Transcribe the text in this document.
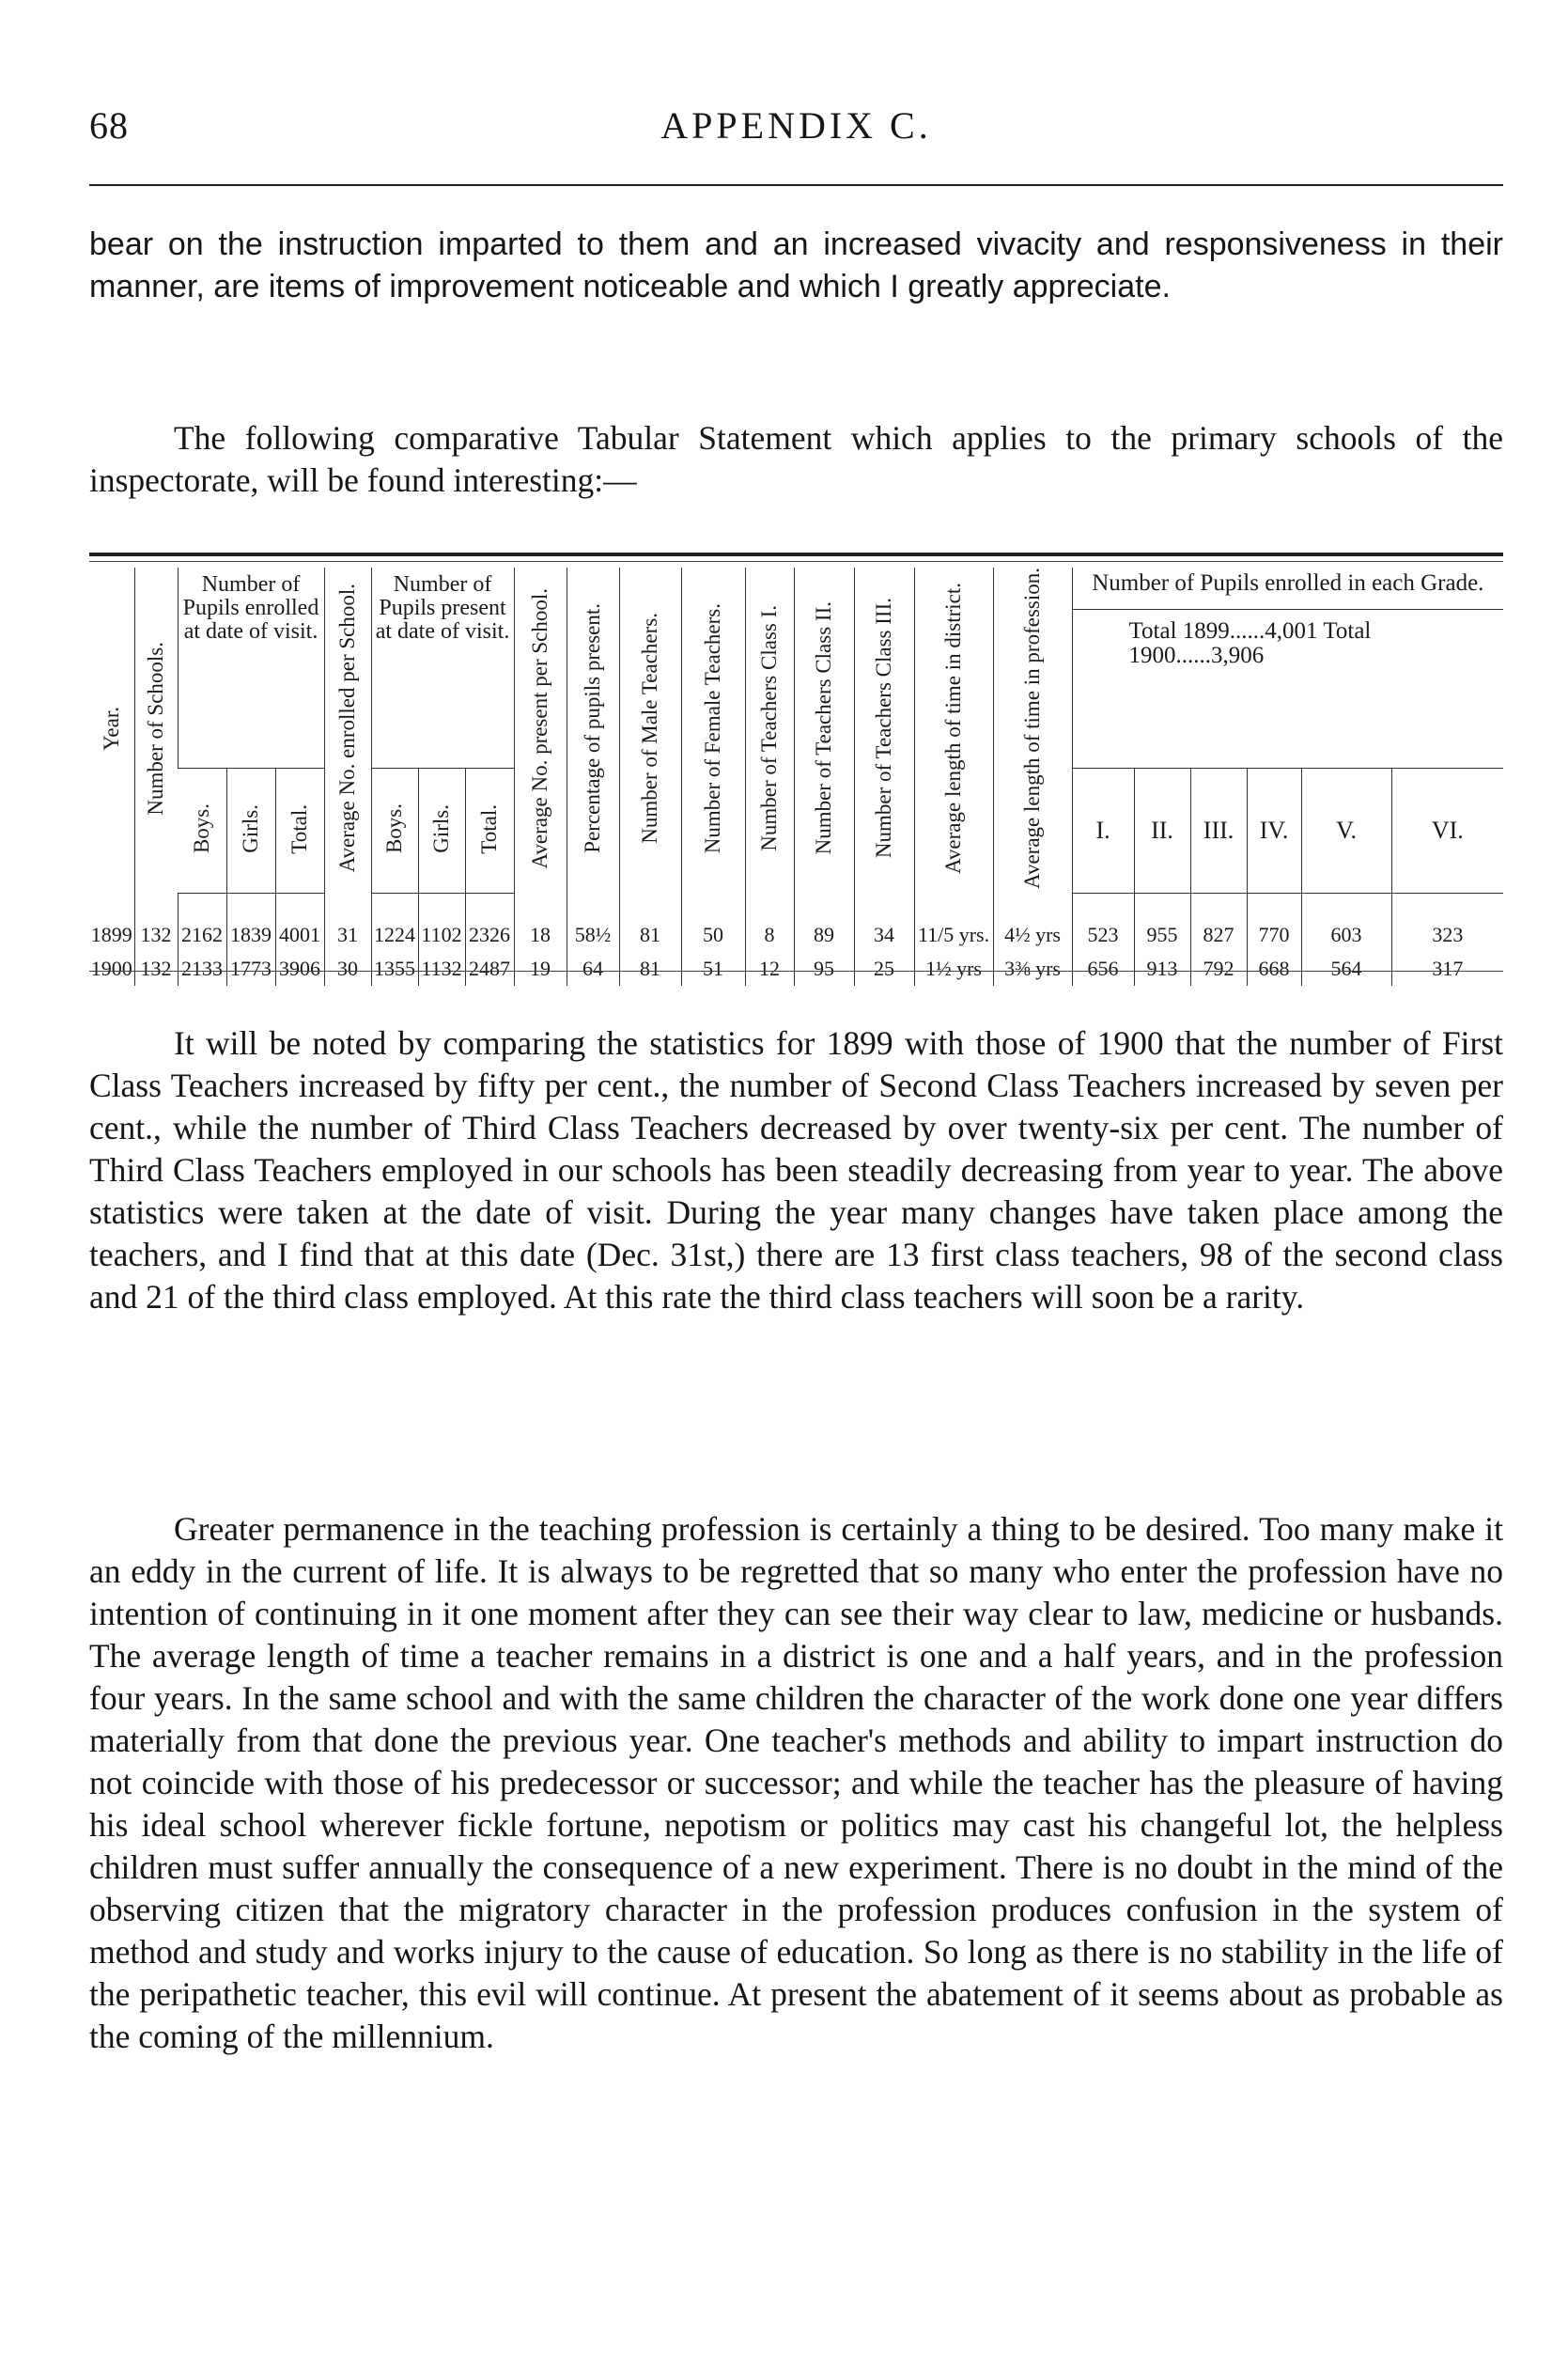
68	APPENDIX C.

bear on the instruction imparted to them and an increased vivacity and responsiveness in their manner, are items of improvement noticeable and which I greatly appreciate.

The following comparative Tabular Statement which applies to the primary schools of the inspectorate, will be found interesting:—

Year.	Number of Schools.	Number of Pupils enrolled at date of visit.			Average No. enrolled per School.	Number of Pupils present at date of visit.			Average No. present per School.	Percentage of pupils present.	Number of Male Teachers.	Number of Female Teachers.	Number of Teachers Class I.	Number of Teachers Class II.	Number of Teachers Class III.	Average length of time in district.	Average length of time in profession.	Number of Pupils enrolled in each Grade.
Total 1899......4,001 Total 1900......3,906					

		Boys.	Girls.	Total.		Boys.	Girls.	Total.										I.	II.	III.	IV.	V.	VI.
1899	132	2162	1839	4001	31	1224	1102	2326	18	58½	81	50	8	89	34	11/5 yrs.	4½ yrs	523	955	827	770	603	323
1900	132	2133	1773	3906	30	1355	1132	2487	19	64	81	51	12	95	25	1½ yrs	3⅜ yrs	656	913	792	668	564	317

It will be noted by comparing the statistics for 1899 with those of 1900 that the number of First Class Teachers increased by fifty per cent., the number of Second Class Teachers increased by seven per cent., while the number of Third Class Teachers decreased by over twenty-six per cent. The number of Third Class Teachers employed in our schools has been steadily decreasing from year to year. The above statistics were taken at the date of visit. During the year many changes have taken place among the teachers, and I find that at this date (Dec. 31st,) there are 13 first class teachers, 98 of the second class and 21 of the third class employed. At this rate the third class teachers will soon be a rarity.

Greater permanence in the teaching profession is certainly a thing to be desired. Too many make it an eddy in the current of life. It is always to be regretted that so many who enter the profession have no intention of continuing in it one moment after they can see their way clear to law, medicine or husbands. The average length of time a teacher remains in a district is one and a half years, and in the profession four years. In the same school and with the same children the character of the work done one year differs materially from that done the previous year. One teacher's methods and ability to impart instruction do not coincide with those of his predecessor or successor; and while the teacher has the pleasure of having his ideal school wherever fickle fortune, nepotism or politics may cast his changeful lot, the helpless children must suffer annually the consequence of a new experiment. There is no doubt in the mind of the observing citizen that the migratory character in the profession produces confusion in the system of method and study and works injury to the cause of education. So long as there is no stability in the life of the peripathetic teacher, this evil will continue. At present the abatement of it seems about as probable as the coming of the millennium.
